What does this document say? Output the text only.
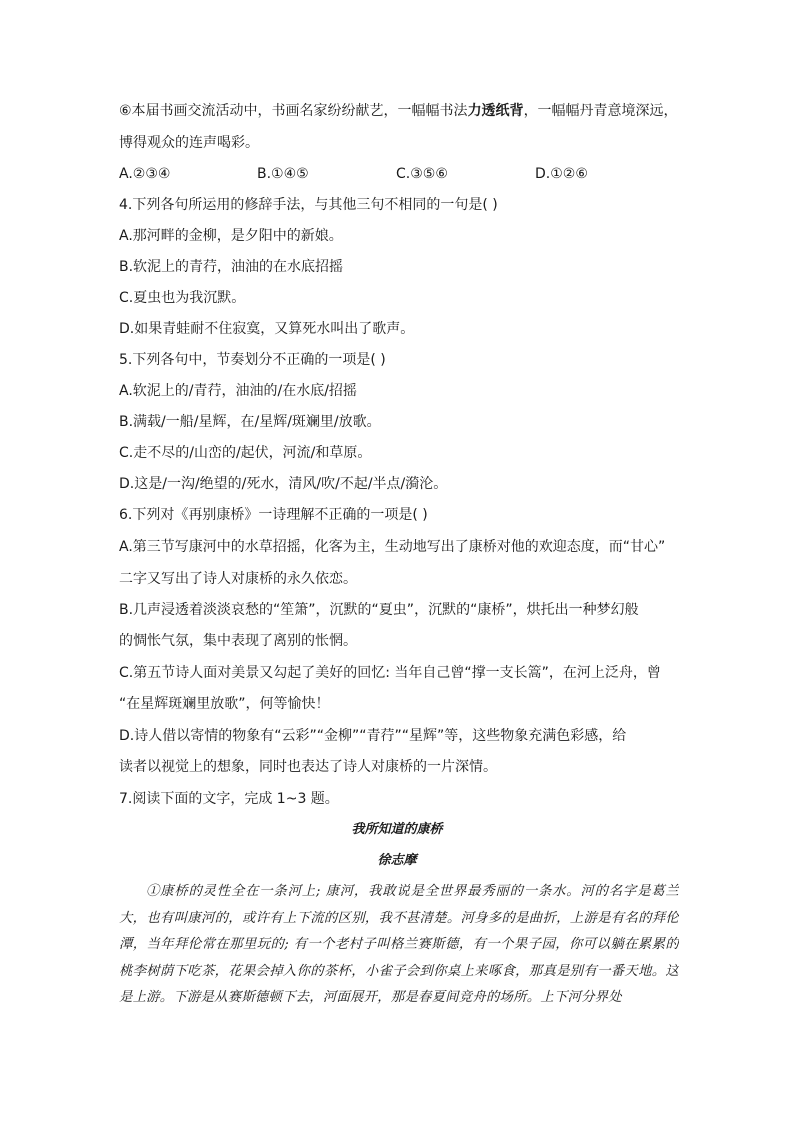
⑥本届书画交流活动中，书画名家纷纷献艺，一幅幅书法力透纸背，一幅幅丹青意境深远，
博得观众的连声喝彩。
A.②③④	B.①④⑤	C.③⑤⑥	D.①②⑥
4.下列各句所运用的修辞手法，与其他三句不相同的一句是( )
A.那河畔的金柳，是夕阳中的新娘。
B.软泥上的青荇，油油的在水底招摇
C.夏虫也为我沉默。
D.如果青蛙耐不住寂寞，又算死水叫出了歌声。
5.下列各句中，节奏划分不正确的一项是( )
A.软泥上的/青荇，油油的/在水底/招摇
B.满载/一船/星辉，在/星辉/斑斓里/放歌。
C.走不尽的/山峦的/起伏，河流/和草原。
D.这是/一沟/绝望的/死水，清风/吹/不起/半点/漪沦。
6.下列对《再别康桥》一诗理解不正确的一项是( )
A.第三节写康河中的水草招摇，化客为主，生动地写出了康桥对他的欢迎态度，而“甘心”
二字又写出了诗人对康桥的永久依恋。
B.几声浸透着淡淡哀愁的“笙箫”，沉默的“夏虫”，沉默的“康桥”，烘托出一种梦幻般
的惆怅气氛，集中表现了离别的怅惘。
C.第五节诗人面对美景又勾起了美好的回忆: 当年自己曾“撑一支长篙”，在河上泛舟，曾
“在星辉斑斓里放歌”，何等愉快！
D.诗人借以寄情的物象有“云彩”“金柳”“青荇”“星辉”等，这些物象充满色彩感，给
读者以视觉上的想象，同时也表达了诗人对康桥的一片深情。
7.阅读下面的文字，完成 1~3 题。
我所知道的康桥
徐志摩
①康桥的灵性全在一条河上; 康河，我敢说是全世界最秀丽的一条水。河的名字是葛兰大，也有叫康河的，或许有上下流的区别，我不甚清楚。河身多的是曲折，上游是有名的拜伦潭，当年拜伦常在那里玩的; 有一个老村子叫格兰赛斯德，有一个果子园，你可以躺在累累的桃李树荫下吃茶，花果会掉入你的茶杯，小雀子会到你桌上来啄食，那真是别有一番天地。这是上游。下游是从赛斯德顿下去，河面展开，那是春夏间竞舟的场所。上下河分界处
